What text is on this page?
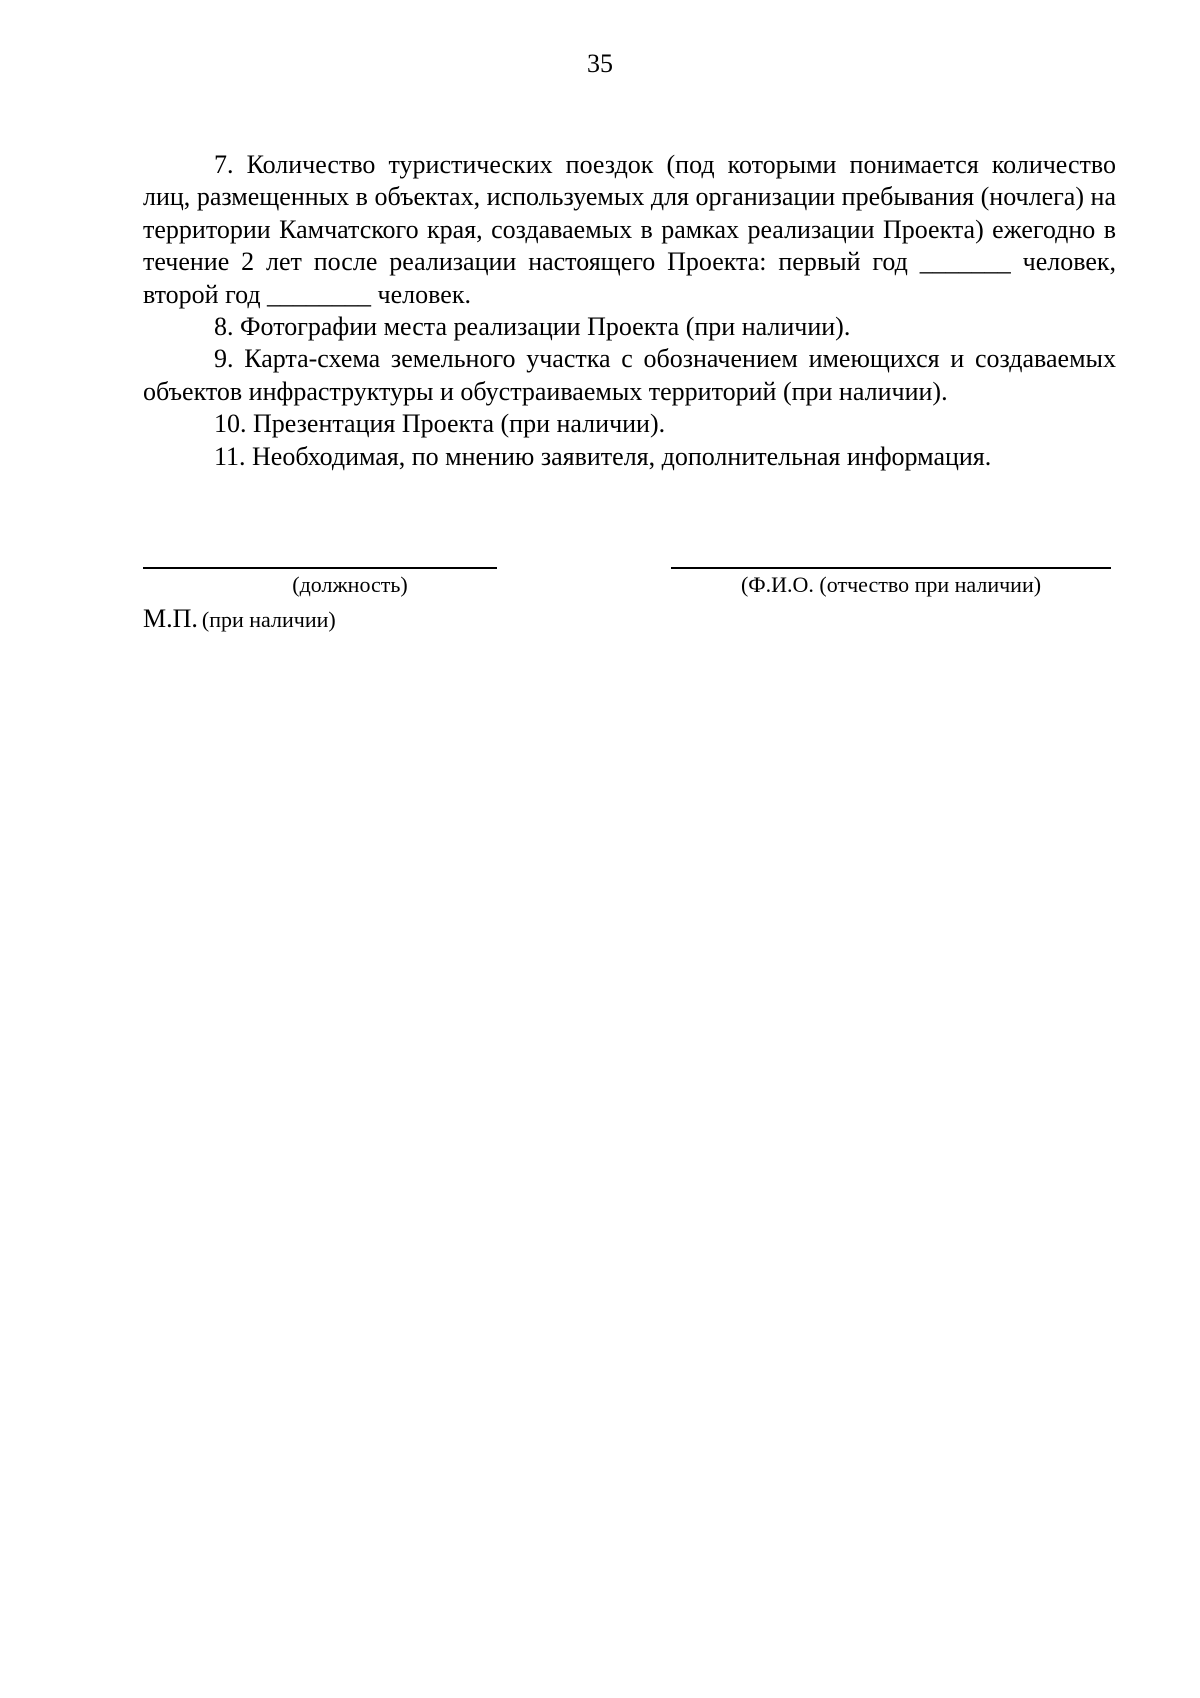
35

7. Количество туристических поездок (под которыми понимается количество лиц, размещенных в объектах, используемых для организации пребывания (ночлега) на территории Камчатского края, создаваемых в рамках реализации Проекта) ежегодно в течение 2 лет после реализации настоящего Проекта: первый год _______ человек, второй год ________ человек.

8. Фотографии места реализации Проекта (при наличии).

9. Карта-схема земельного участка с обозначением имеющихся и создаваемых объектов инфраструктуры и обустраиваемых территорий (при наличии).

10. Презентация Проекта (при наличии).

11. Необходимая, по мнению заявителя, дополнительная информация.

(должность)	(Ф.И.О. (отчество при наличии)
М.П. (при наличии)
